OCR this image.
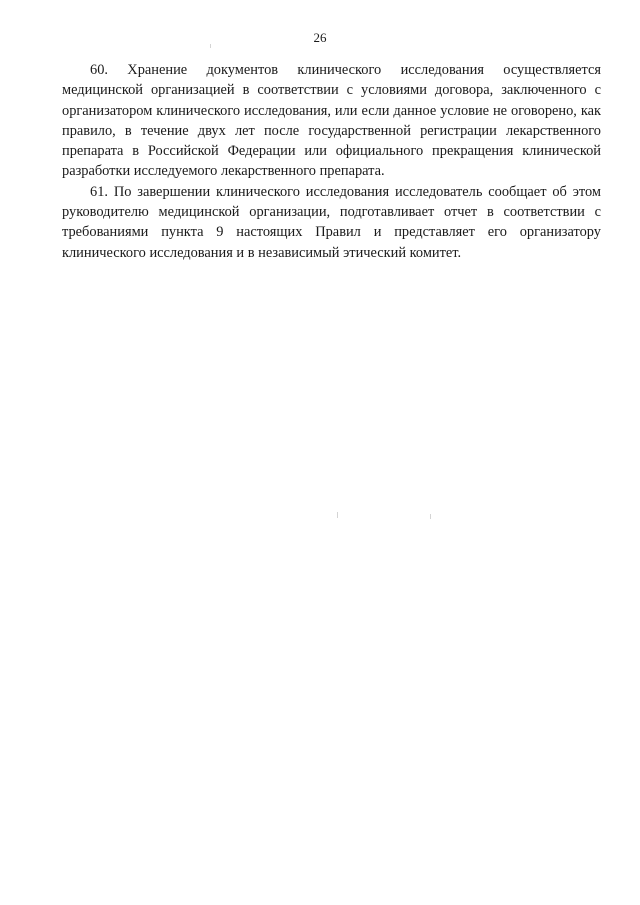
26

60. Хранение документов клинического исследования осуществляется медицинской организацией в соответствии с условиями договора, заключенного с организатором клинического исследования, или если данное условие не оговорено, как правило, в течение двух лет после государственной регистрации лекарственного препарата в Российской Федерации или официального прекращения клинической разработки исследуемого лекарственного препарата.

61. По завершении клинического исследования исследователь сообщает об этом руководителю медицинской организации, подготавливает отчет в соответствии с требованиями пункта 9 настоящих Правил и представляет его организатору клинического исследования и в независимый этический комитет.
